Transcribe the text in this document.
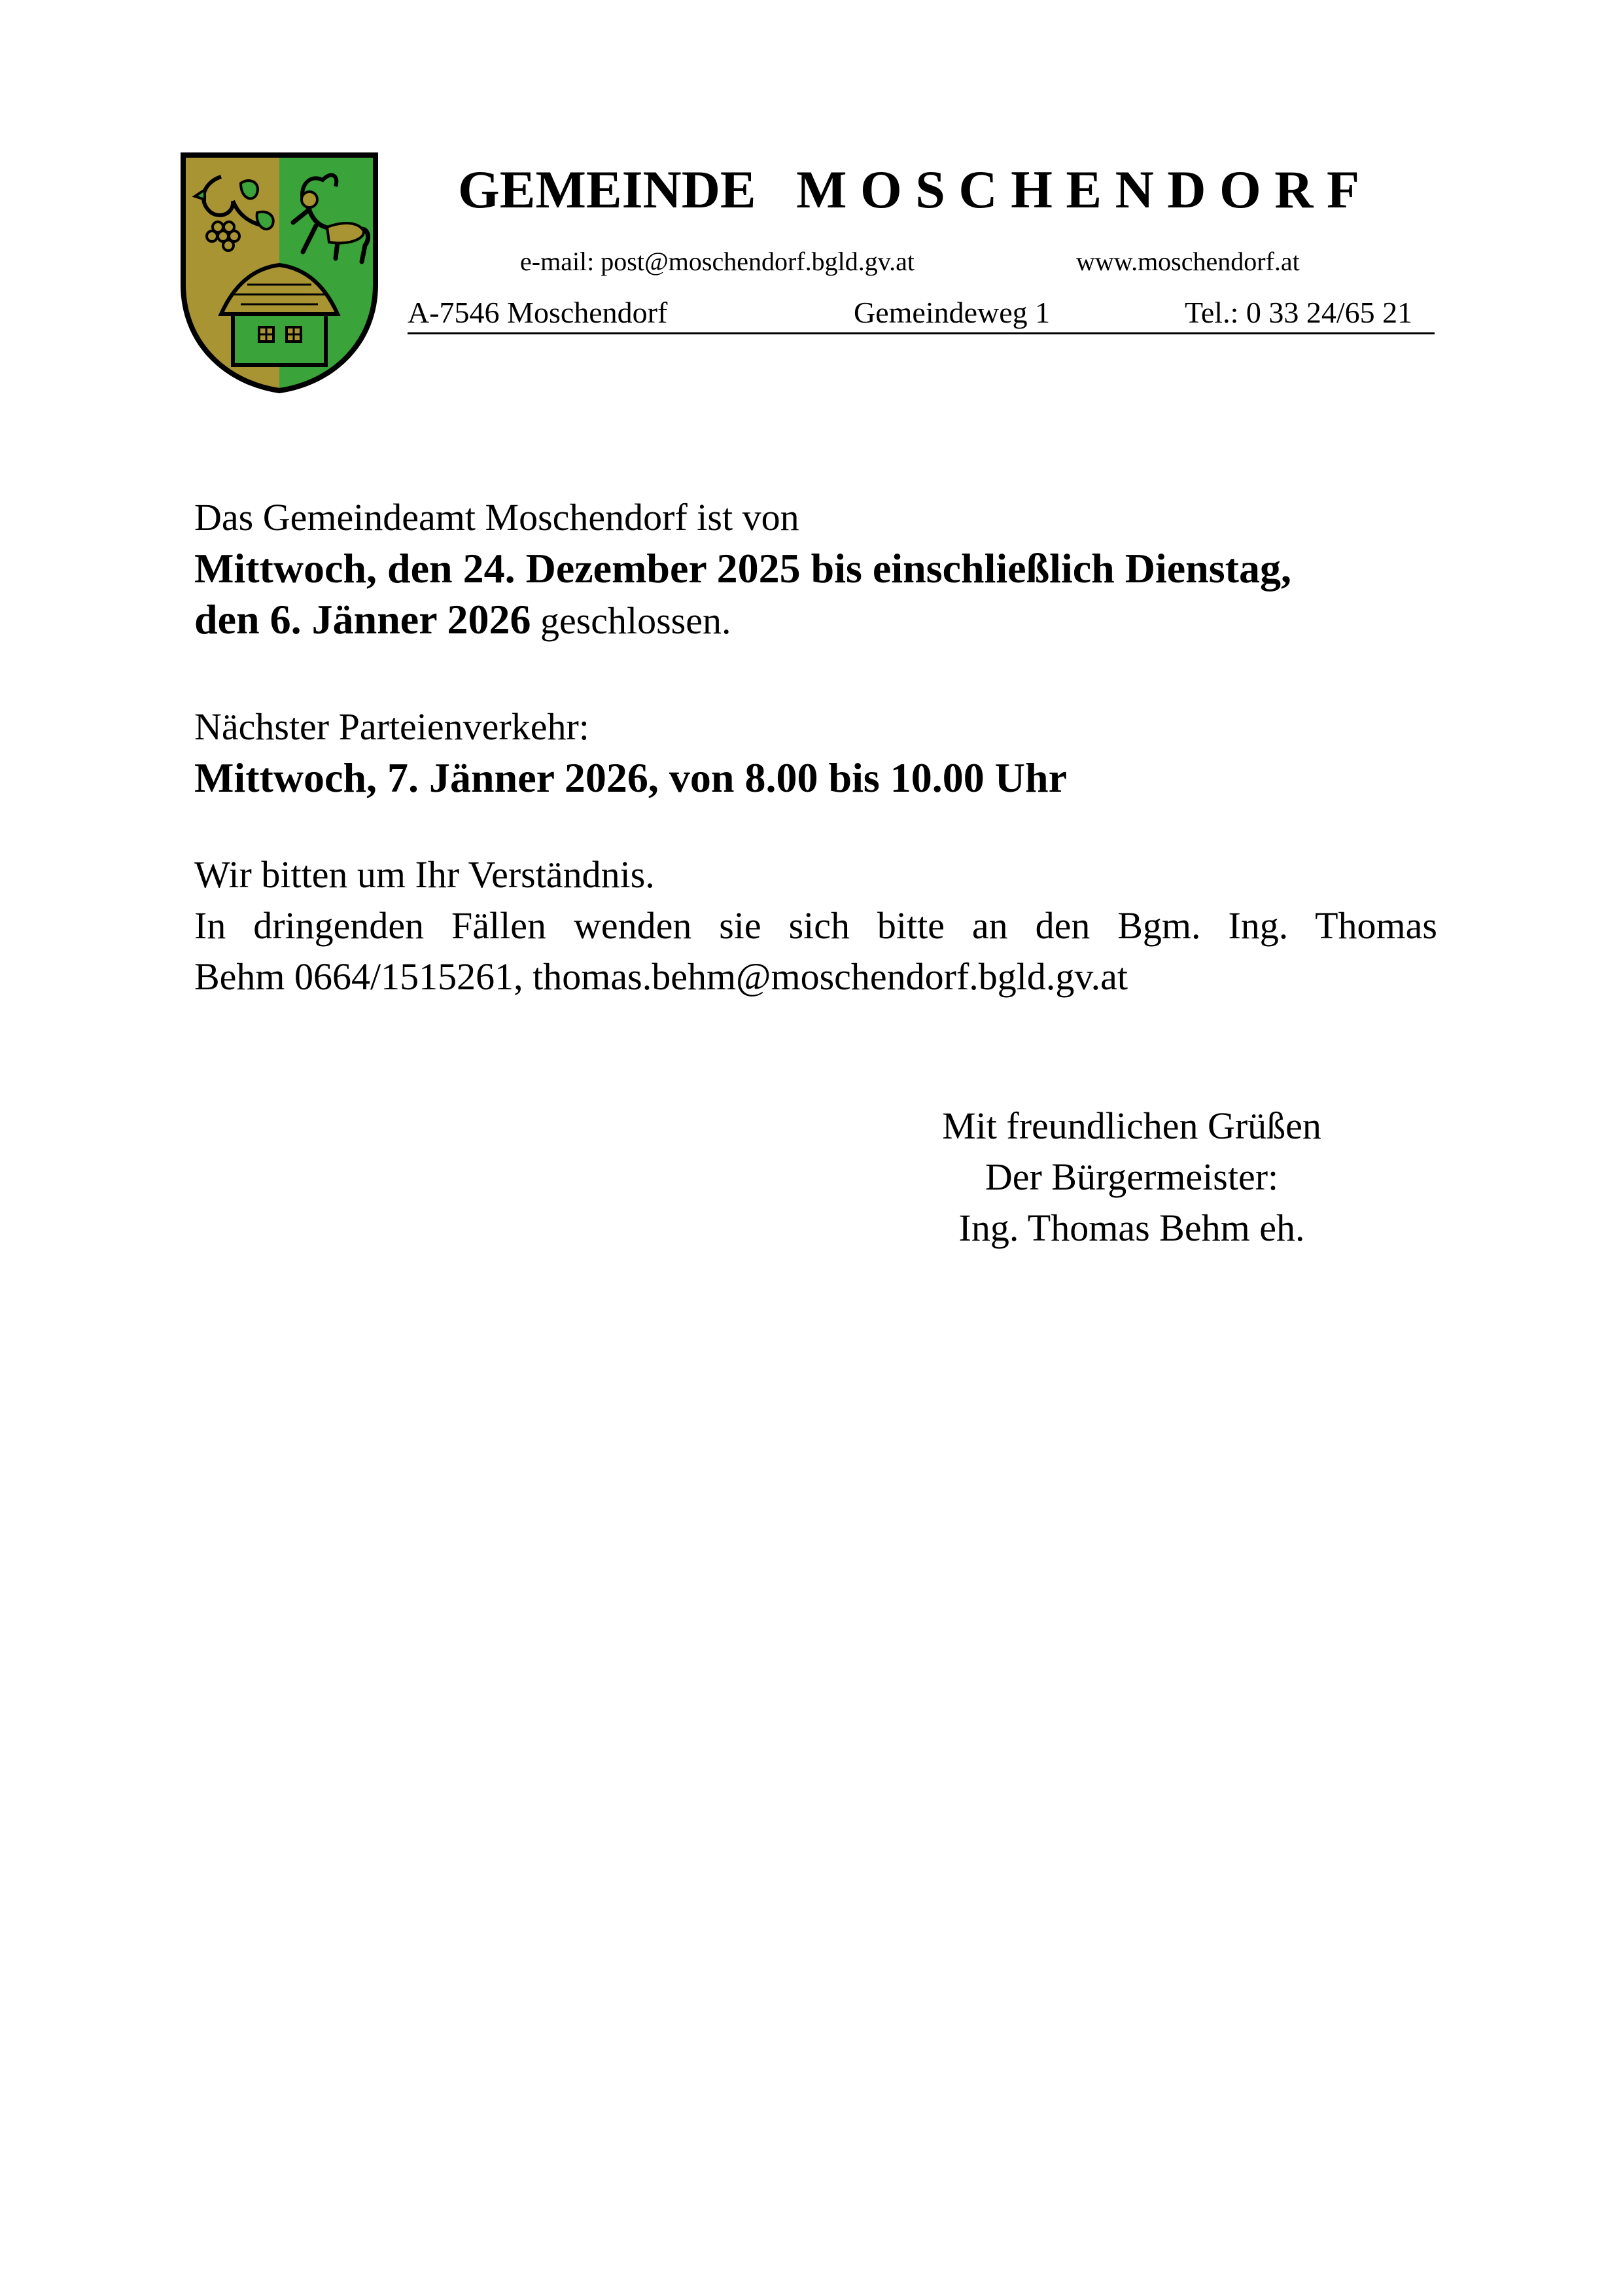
GEMEINDE   M O S C H E N D O R F
e-mail: post@moschendorf.bgld.gv.at	www.moschendorf.at
A-7546 Moschendorf	Gemeindeweg 1	Tel.: 0 33 24/65 21
Das Gemeindeamt Moschendorf ist von
Mittwoch, den 24. Dezember 2025 bis einschließlich Dienstag,
den 6. Jänner 2026 geschlossen.
Nächster Parteienverkehr:
Mittwoch, 7. Jänner 2026, von 8.00 bis 10.00 Uhr
Wir bitten um Ihr Verständnis.
In dringenden Fällen wenden sie sich bitte an den Bgm. Ing. Thomas
Behm 0664/1515261, thomas.behm@moschendorf.bgld.gv.at
Mit freundlichen Grüßen
Der Bürgermeister:
Ing. Thomas Behm eh.
